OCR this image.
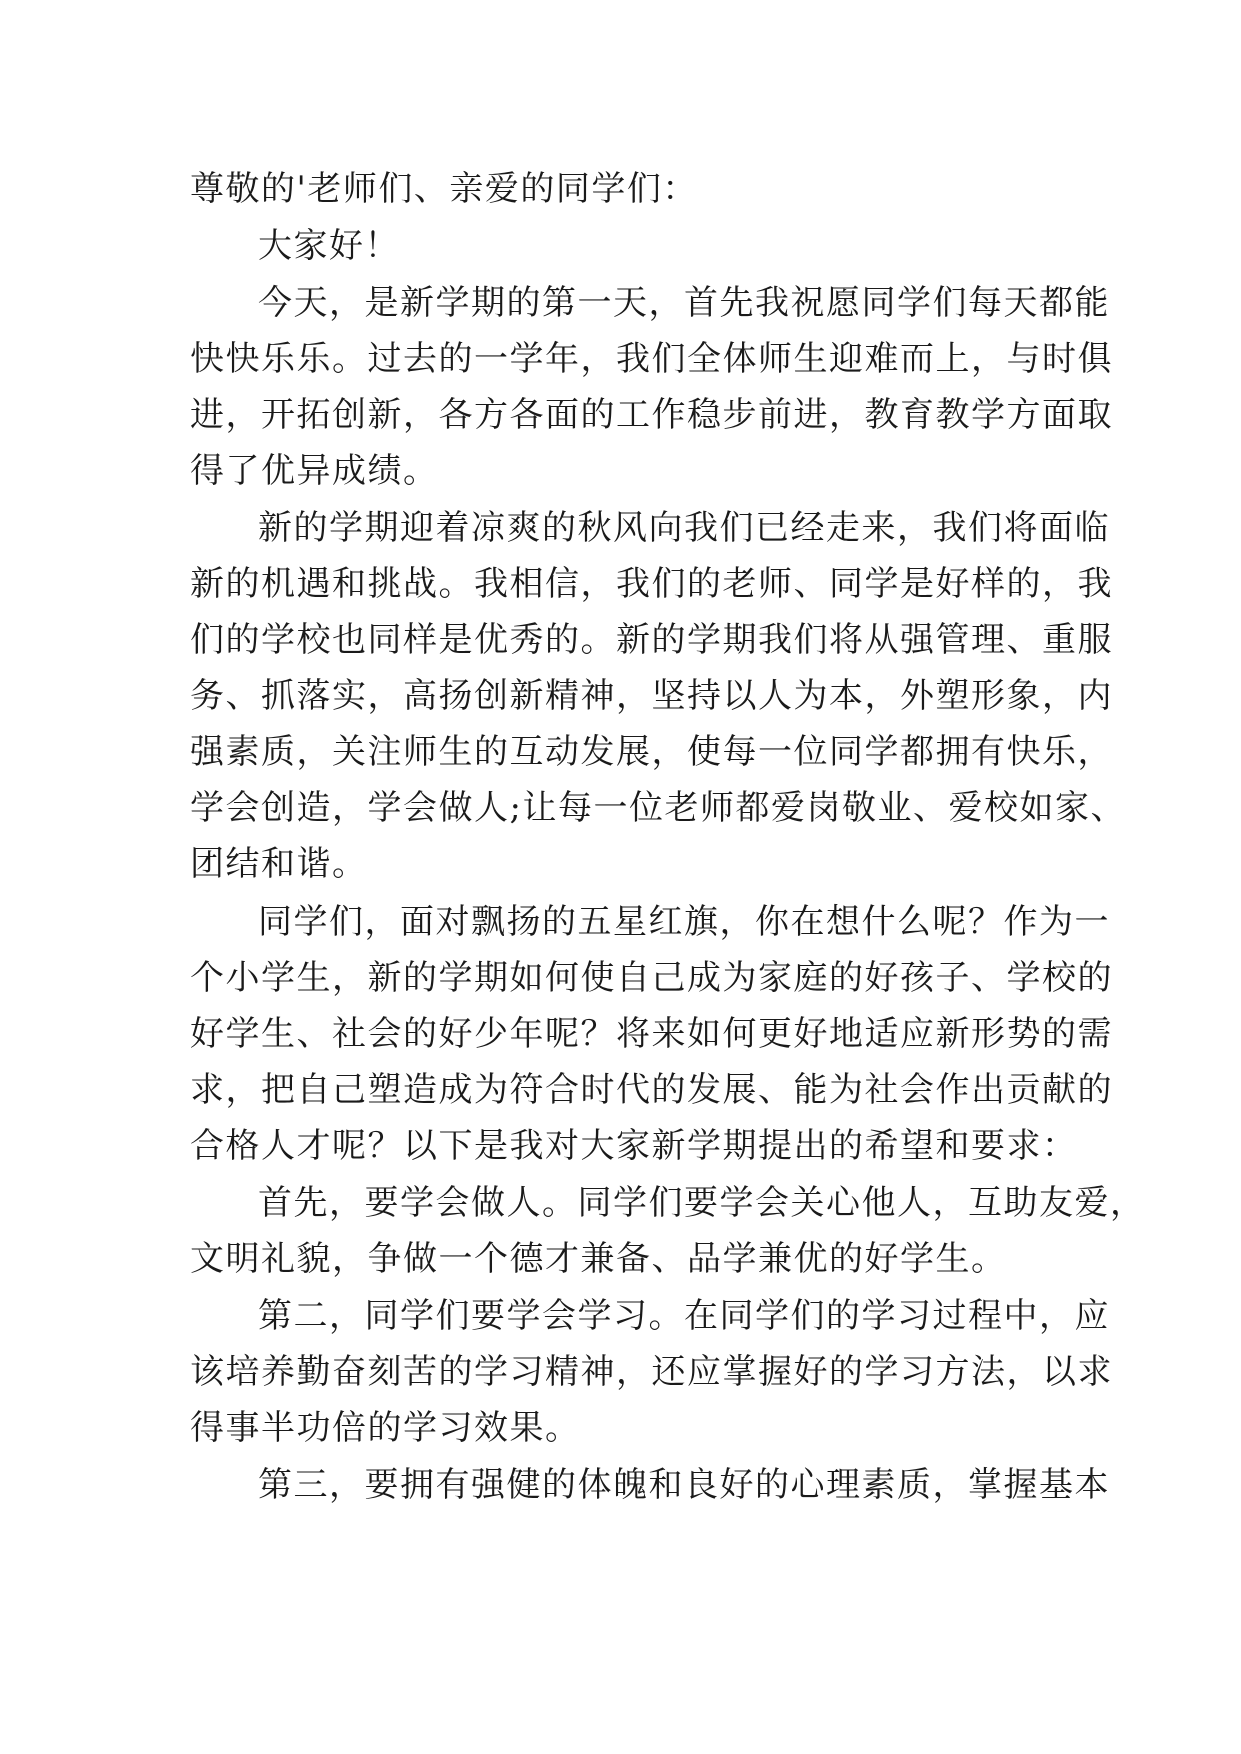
尊敬的'老师们、亲爱的同学们：
大家好！
今天，是新学期的第一天，首先我祝愿同学们每天都能
快快乐乐。过去的一学年，我们全体师生迎难而上，与时俱
进，开拓创新，各方各面的工作稳步前进，教育教学方面取
得了优异成绩。
新的学期迎着凉爽的秋风向我们已经走来，我们将面临
新的机遇和挑战。我相信，我们的老师、同学是好样的，我
们的学校也同样是优秀的。新的学期我们将从强管理、重服
务、抓落实，高扬创新精神，坚持以人为本，外塑形象，内
强素质，关注师生的互动发展，使每一位同学都拥有快乐，
学会创造，学会做人;让每一位老师都爱岗敬业、爱校如家、
团结和谐。
同学们，面对飘扬的五星红旗，你在想什么呢？作为一
个小学生，新的学期如何使自己成为家庭的好孩子、学校的
好学生、社会的好少年呢？将来如何更好地适应新形势的需
求，把自己塑造成为符合时代的发展、能为社会作出贡献的
合格人才呢？以下是我对大家新学期提出的希望和要求：
首先，要学会做人。同学们要学会关心他人，互助友爱，
文明礼貌，争做一个德才兼备、品学兼优的好学生。
第二，同学们要学会学习。在同学们的学习过程中，应
该培养勤奋刻苦的学习精神，还应掌握好的学习方法，以求
得事半功倍的学习效果。
第三，要拥有强健的体魄和良好的心理素质，掌握基本
